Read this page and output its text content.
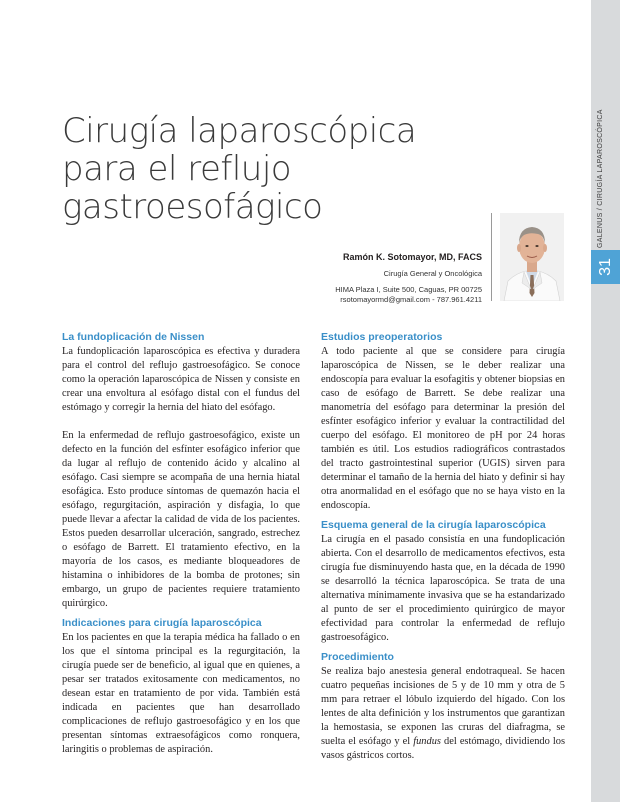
31
Cirugía laparoscópica
para el reflujo
gastroesofágico
Ramón K. Sotomayor, MD, FACS
Cirugía General y Oncológica
HIMA Plaza I, Suite 500, Caguas, PR 00725
rsotomayormd@gmail.com - 787.961.4211
La fundoplicación de Nissen

La fundoplicación laparoscópica es efectiva y duradera para el control del reflujo gastroesofágico. Se conoce como la operación laparoscópica de Nissen y consiste en crear una envoltura al esófago distal con el fundus del estómago y corregir la hernia del hiato del esófago.

En la enfermedad de reflujo gastroesofágico, existe un defecto en la función del esfínter esofágico inferior que da lugar al reflujo de contenido ácido y alcalino al esófago. Casi siempre se acompaña de una hernia hiatal esofágica. Esto produce síntomas de quemazón hacia el esófago, regurgitación, aspiración y disfagia, lo que puede llevar a afectar la calidad de vida de los pacientes. Estos pueden desarrollar ulceración, sangrado, estrechez o esófago de Barrett. El tratamiento efectivo, en la mayoría de los casos, es mediante bloqueadores de histamina o inhibidores de la bomba de protones; sin embargo, un grupo de pacientes requiere tratamiento quirúrgico.

Indicaciones para cirugía laparoscópica

En los pacientes en que la terapia médica ha fallado o en los que el síntoma principal es la regurgitación, la cirugía puede ser de beneficio, al igual que en quienes, a pesar ser tratados exitosamente con medicamentos, no desean estar en tratamiento de por vida. También está indicada en pacientes que han desarrollado complicaciones de reflujo gastroesofágico y en los que presentan síntomas extraesofágicos como ronquera, laringitis o problemas de aspiración.

Estudios preoperatorios

A todo paciente al que se considere para cirugía laparoscópica de Nissen, se le deber realizar una endoscopía para evaluar la esofagitis y obtener biopsias en caso de esófago de Barrett. Se debe realizar una manometría del esófago para determinar la presión del esfínter esofágico inferior y evaluar la contractilidad del cuerpo del esófago. El monitoreo de pH por 24 horas también es útil. Los estudios radiográficos contrastados del tracto gastrointestinal superior (UGIS) sirven para determinar el tamaño de la hernia del hiato y definir si hay otra anormalidad en el esófago que no se haya visto en la endoscopía.

Esquema general de la cirugía laparoscópica

La cirugía en el pasado consistía en una fundoplicación abierta. Con el desarrollo de medicamentos efectivos, esta cirugía fue disminuyendo hasta que, en la década de 1990 se desarrolló la técnica laparoscópica. Se trata de una alternativa mínimamente invasiva que se ha estandarizado al punto de ser el procedimiento quirúrgico de mayor efectividad para controlar la enfermedad de reflujo gastroesofágico.

Procedimiento

Se realiza bajo anestesia general endotraqueal. Se hacen cuatro pequeñas incisiones de 5 y de 10 mm y otra de 5 mm para retraer el lóbulo izquierdo del hígado. Con los lentes de alta definición y los instrumentos que garantizan la hemostasia, se exponen las cruras del diafragma, se suelta el esófago y el fundus del estómago, dividiendo los vasos gástricos cortos.
